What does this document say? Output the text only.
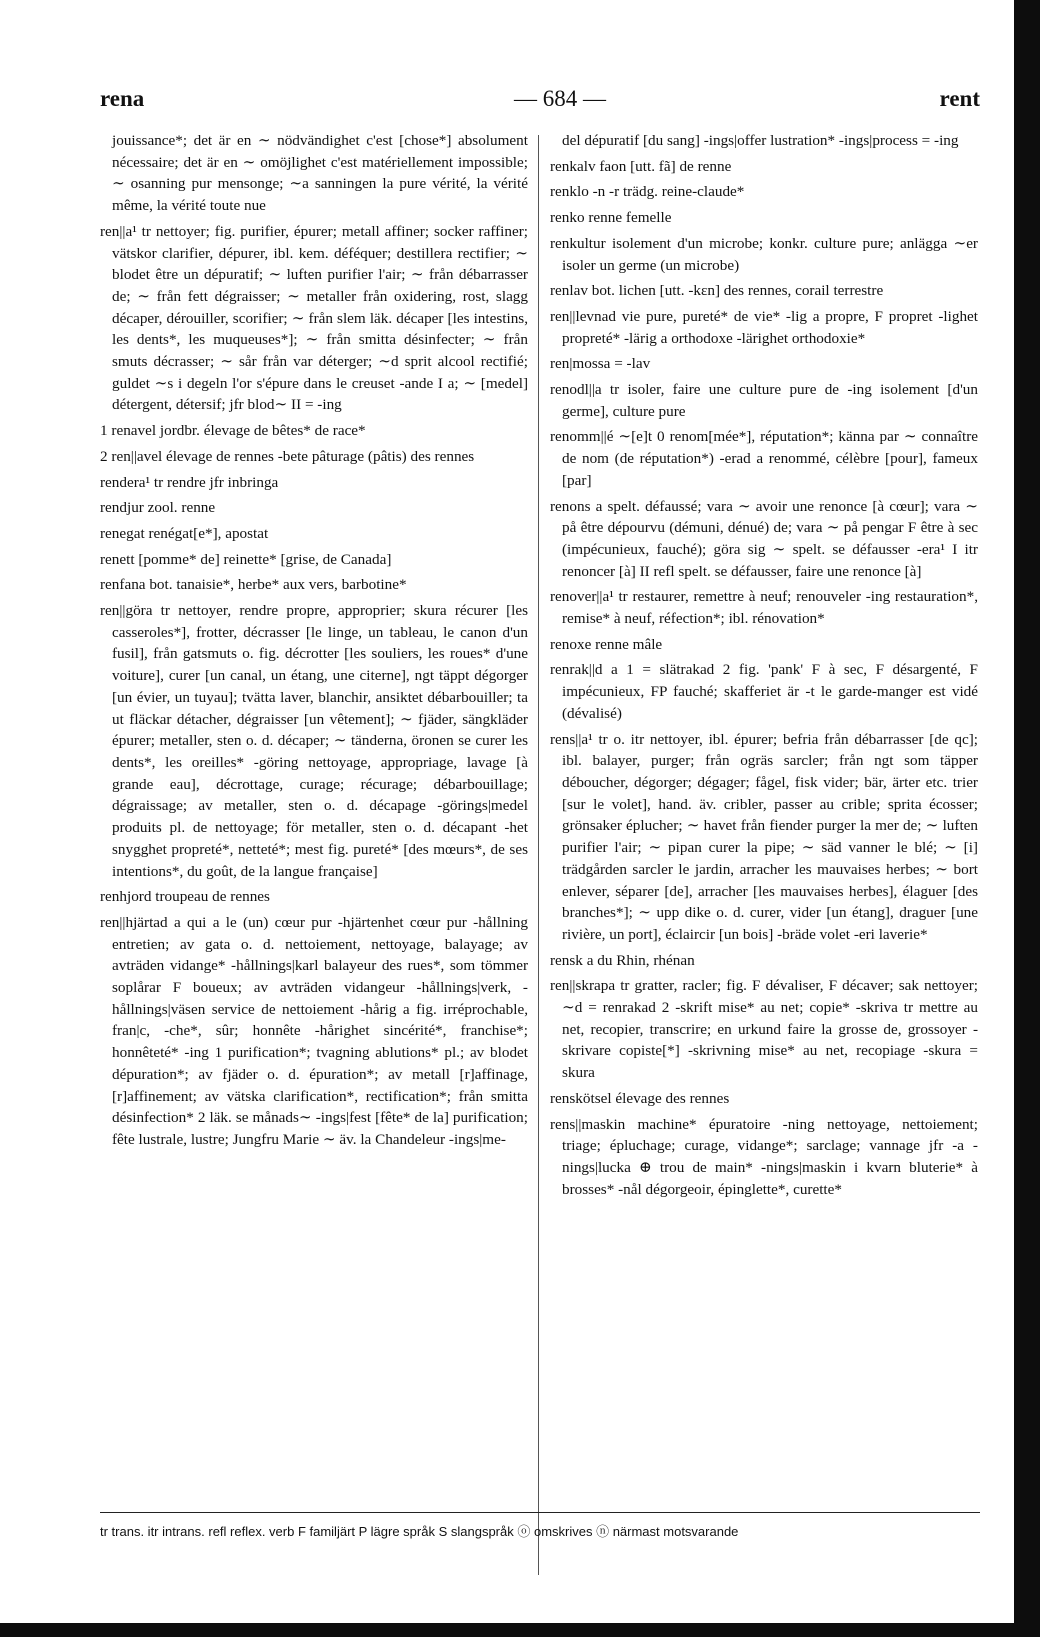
rena	— 684 —	rent

jouissance*; det är en ∼ nödvändighet c'est [chose*] absolument nécessaire; det är en ∼ omöjlighet c'est matériellement impossible; ∼ osanning pur mensonge; ∼a sanningen la pure vérité, la vérité même, la vérité toute nue

ren||a¹ tr nettoyer; fig. purifier, épurer; metall affiner; socker raffiner; vätskor clarifier, dépurer, ibl. kem. déféquer; destillera rectifier; ∼ blodet être un dépuratif; ∼ luften purifier l'air; ∼ från débarrasser de; ∼ från fett dégraisser; ∼ metaller från oxidering, rost, slagg décaper, dérouiller, scorifier; ∼ från slem läk. décaper [les intestins, les dents*, les muqueuses*]; ∼ från smitta désinfecter; ∼ från smuts décrasser; ∼ sår från var déterger; ∼d sprit alcool rectifié; guldet ∼s i degeln l'or s'épure dans le creuset -ande I a; ∼ [medel] détergent, détersif; jfr blod∼ II = -ing

1 renavel jordbr. élevage de bêtes* de race*

2 ren||avel élevage de rennes -bete pâturage (pâtis) des rennes

rendera¹ tr rendre jfr inbringa

rendjur zool. renne

renegat renégat[e*], apostat

renett [pomme* de] reinette* [grise, de Canada]

renfana bot. tanaisie*, herbe* aux vers, barbotine*

ren||göra tr nettoyer, rendre propre, approprier; skura récurer [les casseroles*], frotter, décrasser [le linge, un tableau, le canon d'un fusil], från gatsmuts o. fig. décrotter [les souliers, les roues* d'une voiture], curer [un canal, un étang, une citerne], ngt täppt dégorger [un évier, un tuyau]; tvätta laver, blanchir, ansiktet débarbouiller; ta ut fläckar détacher, dégraisser [un vêtement]; ∼ fjäder, sängkläder épurer; metaller, sten o. d. décaper; ∼ tänderna, öronen se curer les dents*, les oreilles* -göring nettoyage, appropriage, lavage [à grande eau], décrottage, curage; récurage; débarbouillage; dégraissage; av metaller, sten o. d. décapage -görings|medel produits pl. de nettoyage; för metaller, sten o. d. décapant -het snygghet propreté*, netteté*; mest fig. pureté* [des mœurs*, de ses intentions*, du goût, de la langue française]

renhjord troupeau de rennes

ren||hjärtad a qui a le (un) cœur pur -hjärtenhet cœur pur -hållning entretien; av gata o. d. nettoiement, nettoyage, balayage; av avträden vidange* -hållnings|karl balayeur des rues*, som tömmer soplårar F boueux; av avträden vidangeur -hållnings|verk, -hållnings|väsen service de nettoiement -hårig a fig. irréprochable, fran|c, -che*, sûr; honnête -hårighet sincérité*, franchise*; honnêteté* -ing 1 purification*; tvagning ablutions* pl.; av blodet dépuration*; av fjäder o. d. épuration*; av metall [r]affinage, [r]affinement; av vätska clarification*, rectification*; från smitta désinfection* 2 läk. se månads∼ -ings|fest [fête* de la] purification; fête lustrale, lustre; Jungfru Marie ∼ äv. la Chandeleur -ings|me-

del dépuratif [du sang] -ings|offer lustration* -ings|process = -ing

renkalv faon [utt. fã] de renne

renklo -n -r trädg. reine-claude*

renko renne femelle

renkultur isolement d'un microbe; konkr. culture pure; anlägga ∼er isoler un germe (un microbe)

renlav bot. lichen [utt. -kɛn] des rennes, corail terrestre

ren||levnad vie pure, pureté* de vie* -lig a propre, F propret -lighet propreté* -lärig a orthodoxe -lärighet orthodoxie*

ren|mossa = -lav

renodl||a tr isoler, faire une culture pure de -ing isolement [d'un germe], culture pure

renomm||é ∼[e]t 0 renom[mée*], réputation*; känna par ∼ connaître de nom (de réputation*) -erad a renommé, célèbre [pour], fameux [par]

renons a spelt. défaussé; vara ∼ avoir une renonce [à cœur]; vara ∼ på être dépourvu (démuni, dénué) de; vara ∼ på pengar F être à sec (impécunieux, fauché); göra sig ∼ spelt. se défausser -era¹ I itr renoncer [à] II refl spelt. se défausser, faire une renonce [à]

renover||a¹ tr restaurer, remettre à neuf; renouveler -ing restauration*, remise* à neuf, réfection*; ibl. rénovation*

renoxe renne mâle

renrak||d a 1 = slätrakad 2 fig. 'pank' F à sec, F désargenté, F impécunieux, FP fauché; skafferiet är -t le garde-manger est vidé (dévalisé)

rens||a¹ tr o. itr nettoyer, ibl. épurer; befria från débarrasser [de qc]; ibl. balayer, purger; från ogräs sarcler; från ngt som täpper déboucher, dégorger; dégager; fågel, fisk vider; bär, ärter etc. trier [sur le volet], hand. äv. cribler, passer au crible; sprita écosser; grönsaker éplucher; ∼ havet från fiender purger la mer de; ∼ luften purifier l'air; ∼ pipan curer la pipe; ∼ säd vanner le blé; ∼ [i] trädgården sarcler le jardin, arracher les mauvaises herbes; ∼ bort enlever, séparer [de], arracher [les mauvaises herbes], élaguer [des branches*]; ∼ upp dike o. d. curer, vider [un étang], draguer [une rivière, un port], éclaircir [un bois] -bräde volet -eri laverie*

rensk a du Rhin, rhénan

ren||skrapa tr gratter, racler; fig. F dévaliser, F décaver; sak nettoyer; ∼d = renrakad 2 -skrift mise* au net; copie* -skriva tr mettre au net, recopier, transcrire; en urkund faire la grosse de, grossoyer -skrivare copiste[*] -skrivning mise* au net, recopiage -skura = skura

renskötsel élevage des rennes

rens||maskin machine* épuratoire -ning nettoyage, nettoiement; triage; épluchage; curage, vidange*; sarclage; vannage jfr -a -nings|lucka ⊕ trou de main* -nings|maskin i kvarn bluterie* à brosses* -nål dégorgeoir, épinglette*, curette*

tr trans. itr intrans. refl reflex. verb F familjärt P lägre språk S slangspråk ⓞ omskrives ⓝ närmast motsvarande
